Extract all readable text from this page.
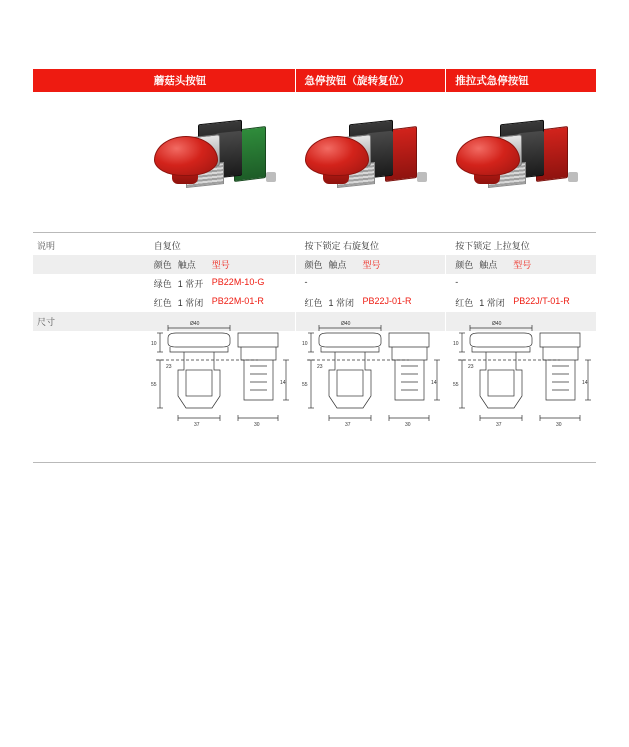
蘑菇头按钮	急停按钮（旋转复位）	推拉式急停按钮
说明	自复位	按下锁定 右旋复位	按下锁定 上拉复位
颜色 触点	型号	颜色 触点	型号	颜色 触点	型号
绿色 1 常开 PB22M-10-G	-	-
红色 1 常闭 PB22M-01-R	红色 1 常闭 PB22J-01-R	红色 1 常闭 PB22J/T-01-R
尺寸	Ø40
10
55
37	30
14
23
Ø40
10
55
37	30
14
23
Ø40
10
55
37	30
14
23
